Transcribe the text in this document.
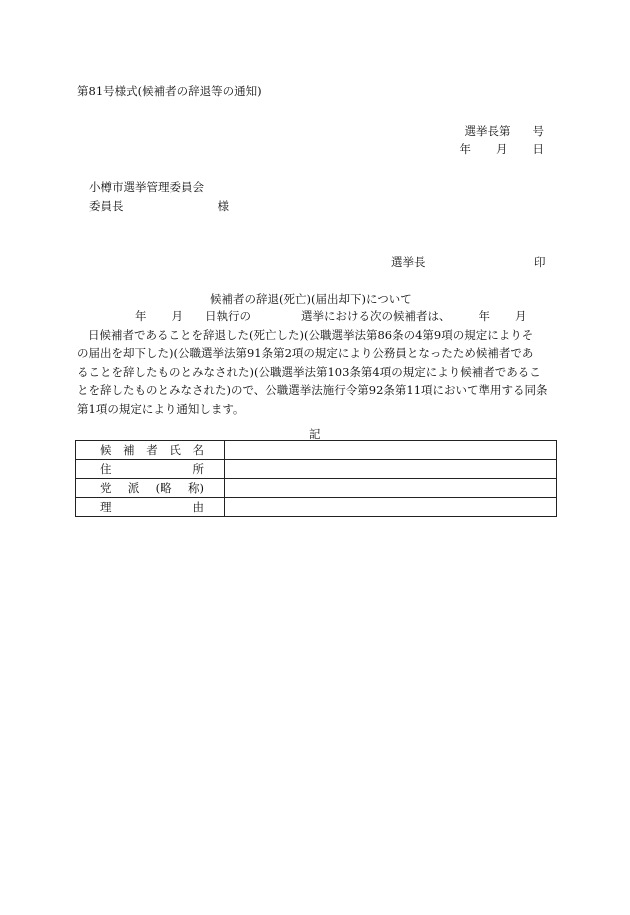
第81号様式(候補者の辞退等の通知)
選挙長第 号
年 月 日
小樽市選挙管理委員会
委員長	様
選挙長	印
候補者の辞退(死亡)(届出却下)について
年 月 日執行の	選挙における次の候補者は、 年 月
日候補者であることを辞退した(死亡した)(公職選挙法第86条の4第9項の規定によりそ
の届出を却下した)(公職選挙法第91条第2項の規定により公務員となったため候補者であ
ることを辞したものとみなされた)(公職選挙法第103条第4項の規定により候補者であるこ
とを辞したものとみなされた)ので、公職選挙法施行令第92条第11項において準用する同条
第1項の規定により通知します。
記
候 補 者 氏 名	

住 所	

党 派 (略 称)	

理 由	
